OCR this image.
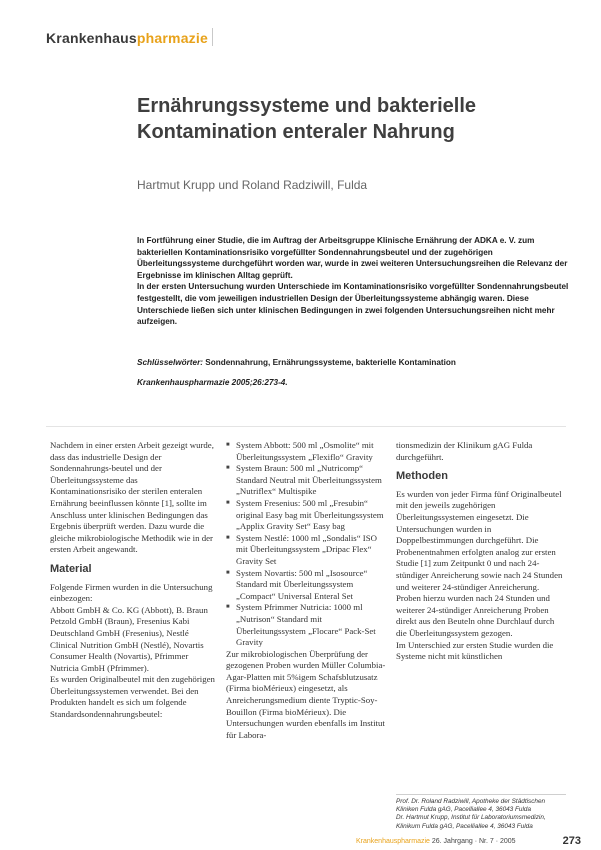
Krankenhauspharmazie
Ernährungssysteme und bakterielle
Kontamination enteraler Nahrung
Hartmut Krupp und Roland Radziwill, Fulda

In Fortführung einer Studie, die im Auftrag der Arbeitsgruppe Klinische Ernährung der ADKA e. V. zum bakteriellen Kontaminationsrisiko vorgefüllter Sondennahrungsbeutel und der zugehörigen Überleitungssysteme durchgeführt worden war, wurde in zwei weiteren Untersuchungsreihen die Relevanz der Ergebnisse im klinischen Alltag geprüft.

In der ersten Untersuchung wurden Unterschiede im Kontaminationsrisiko vorgefüllter Sondennahrungsbeutel festgestellt, die vom jeweiligen industriellen Design der Überleitungssysteme abhängig waren. Diese Unterschiede ließen sich unter klinischen Bedingungen in zwei folgenden Untersuchungsreihen nicht mehr aufzeigen.

Schlüsselwörter: Sondennahrung, Ernährungssysteme, bakterielle Kontamination
Krankenhauspharmazie 2005;26:273-4.

Nachdem in einer ersten Arbeit gezeigt wurde, dass das industrielle Design der Sondennahrungs-beutel und der Überleitungssysteme das Kontaminationsrisiko der sterilen enteralen Ernährung beeinflussen könnte [1], sollte im Anschluss unter klinischen Bedingungen das Ergebnis überprüft werden. Dazu wurde die gleiche mikrobiologische Methodik wie in der ersten Arbeit angewandt.

Material

Folgende Firmen wurden in die Untersuchung einbezogen:

Abbott GmbH & Co. KG (Abbott), B. Braun Petzold GmbH (Braun), Fresenius Kabi Deutschland GmbH (Fresenius), Nestlé Clinical Nutrition GmbH (Nestlé), Novartis Consumer Health (Novartis), Pfrimmer Nutricia GmbH (Pfrimmer).

Es wurden Originalbeutel mit den zugehörigen Überleitungssystemen verwendet. Bei den Produkten handelt es sich um folgende Standardsondennahrungsbeutel:

■ System Abbott: 500 ml „Osmolite“ mit Überleitungssystem „Flexiflo“ Gravity
■ System Braun: 500 ml „Nutricomp“ Standard Neutral mit Überleitungssystem „Nutriflex“ Multispike
■ System Fresenius: 500 ml „Fresubin“ original Easy bag mit Überleitungssystem „Applix Gravity Set“ Easy bag
■ System Nestlé: 1000 ml „Sondalis“ ISO mit Überleitungssystem „Dripac Flex“ Gravity Set
■ System Novartis: 500 ml „Isosource“ Standard mit Überleitungssystem „Compact“ Universal Enteral Set
■ System Pfrimmer Nutricia: 1000 ml „Nutrison“ Standard mit Überleitungssystem „Flocare“ Pack-Set Gravity

Zur mikrobiologischen Überprüfung der gezogenen Proben wurden Müller Columbia-Agar-Platten mit 5%igem Schafsblutzusatz (Firma bioMérieux) eingesetzt, als Anreicherungsmedium diente Tryptic-Soy-Bouillon (Firma bioMérieux). Die Untersuchungen wurden ebenfalls im Institut für Labora-

tionsmedizin der Klinikum gAG Fulda durchgeführt.

Methoden

Es wurden von jeder Firma fünf Originalbeutel mit den jeweils zugehörigen Überleitungssystemen eingesetzt. Die Untersuchungen wurden in Doppelbestimmungen durchgeführt. Die Probenentnahmen erfolgten analog zur ersten Studie [1] zum Zeitpunkt 0 und nach 24-stündiger Anreicherung sowie nach 24 Stunden und weiterer 24-stündiger Anreicherung. Proben hierzu wurden nach 24 Stunden und weiterer 24-stündiger Anreicherung Proben direkt aus den Beuteln ohne Durchlauf durch die Überleitungssystem gezogen.

Im Unterschied zur ersten Studie wurden die Systeme nicht mit künstlichen

Prof. Dr. Roland Radziwill, Apotheke der Städtischen Kliniken Fulda gAG, Pacelliallee 4, 36043 Fulda
Dr. Hartmut Krupp, Institut für Laboratoriumsmedizin, Klinikum Fulda gAG, Pacelliallee 4, 36043 Fulda
Krankenhauspharmazie 26. Jahrgang · Nr. 7 · 2005	273
